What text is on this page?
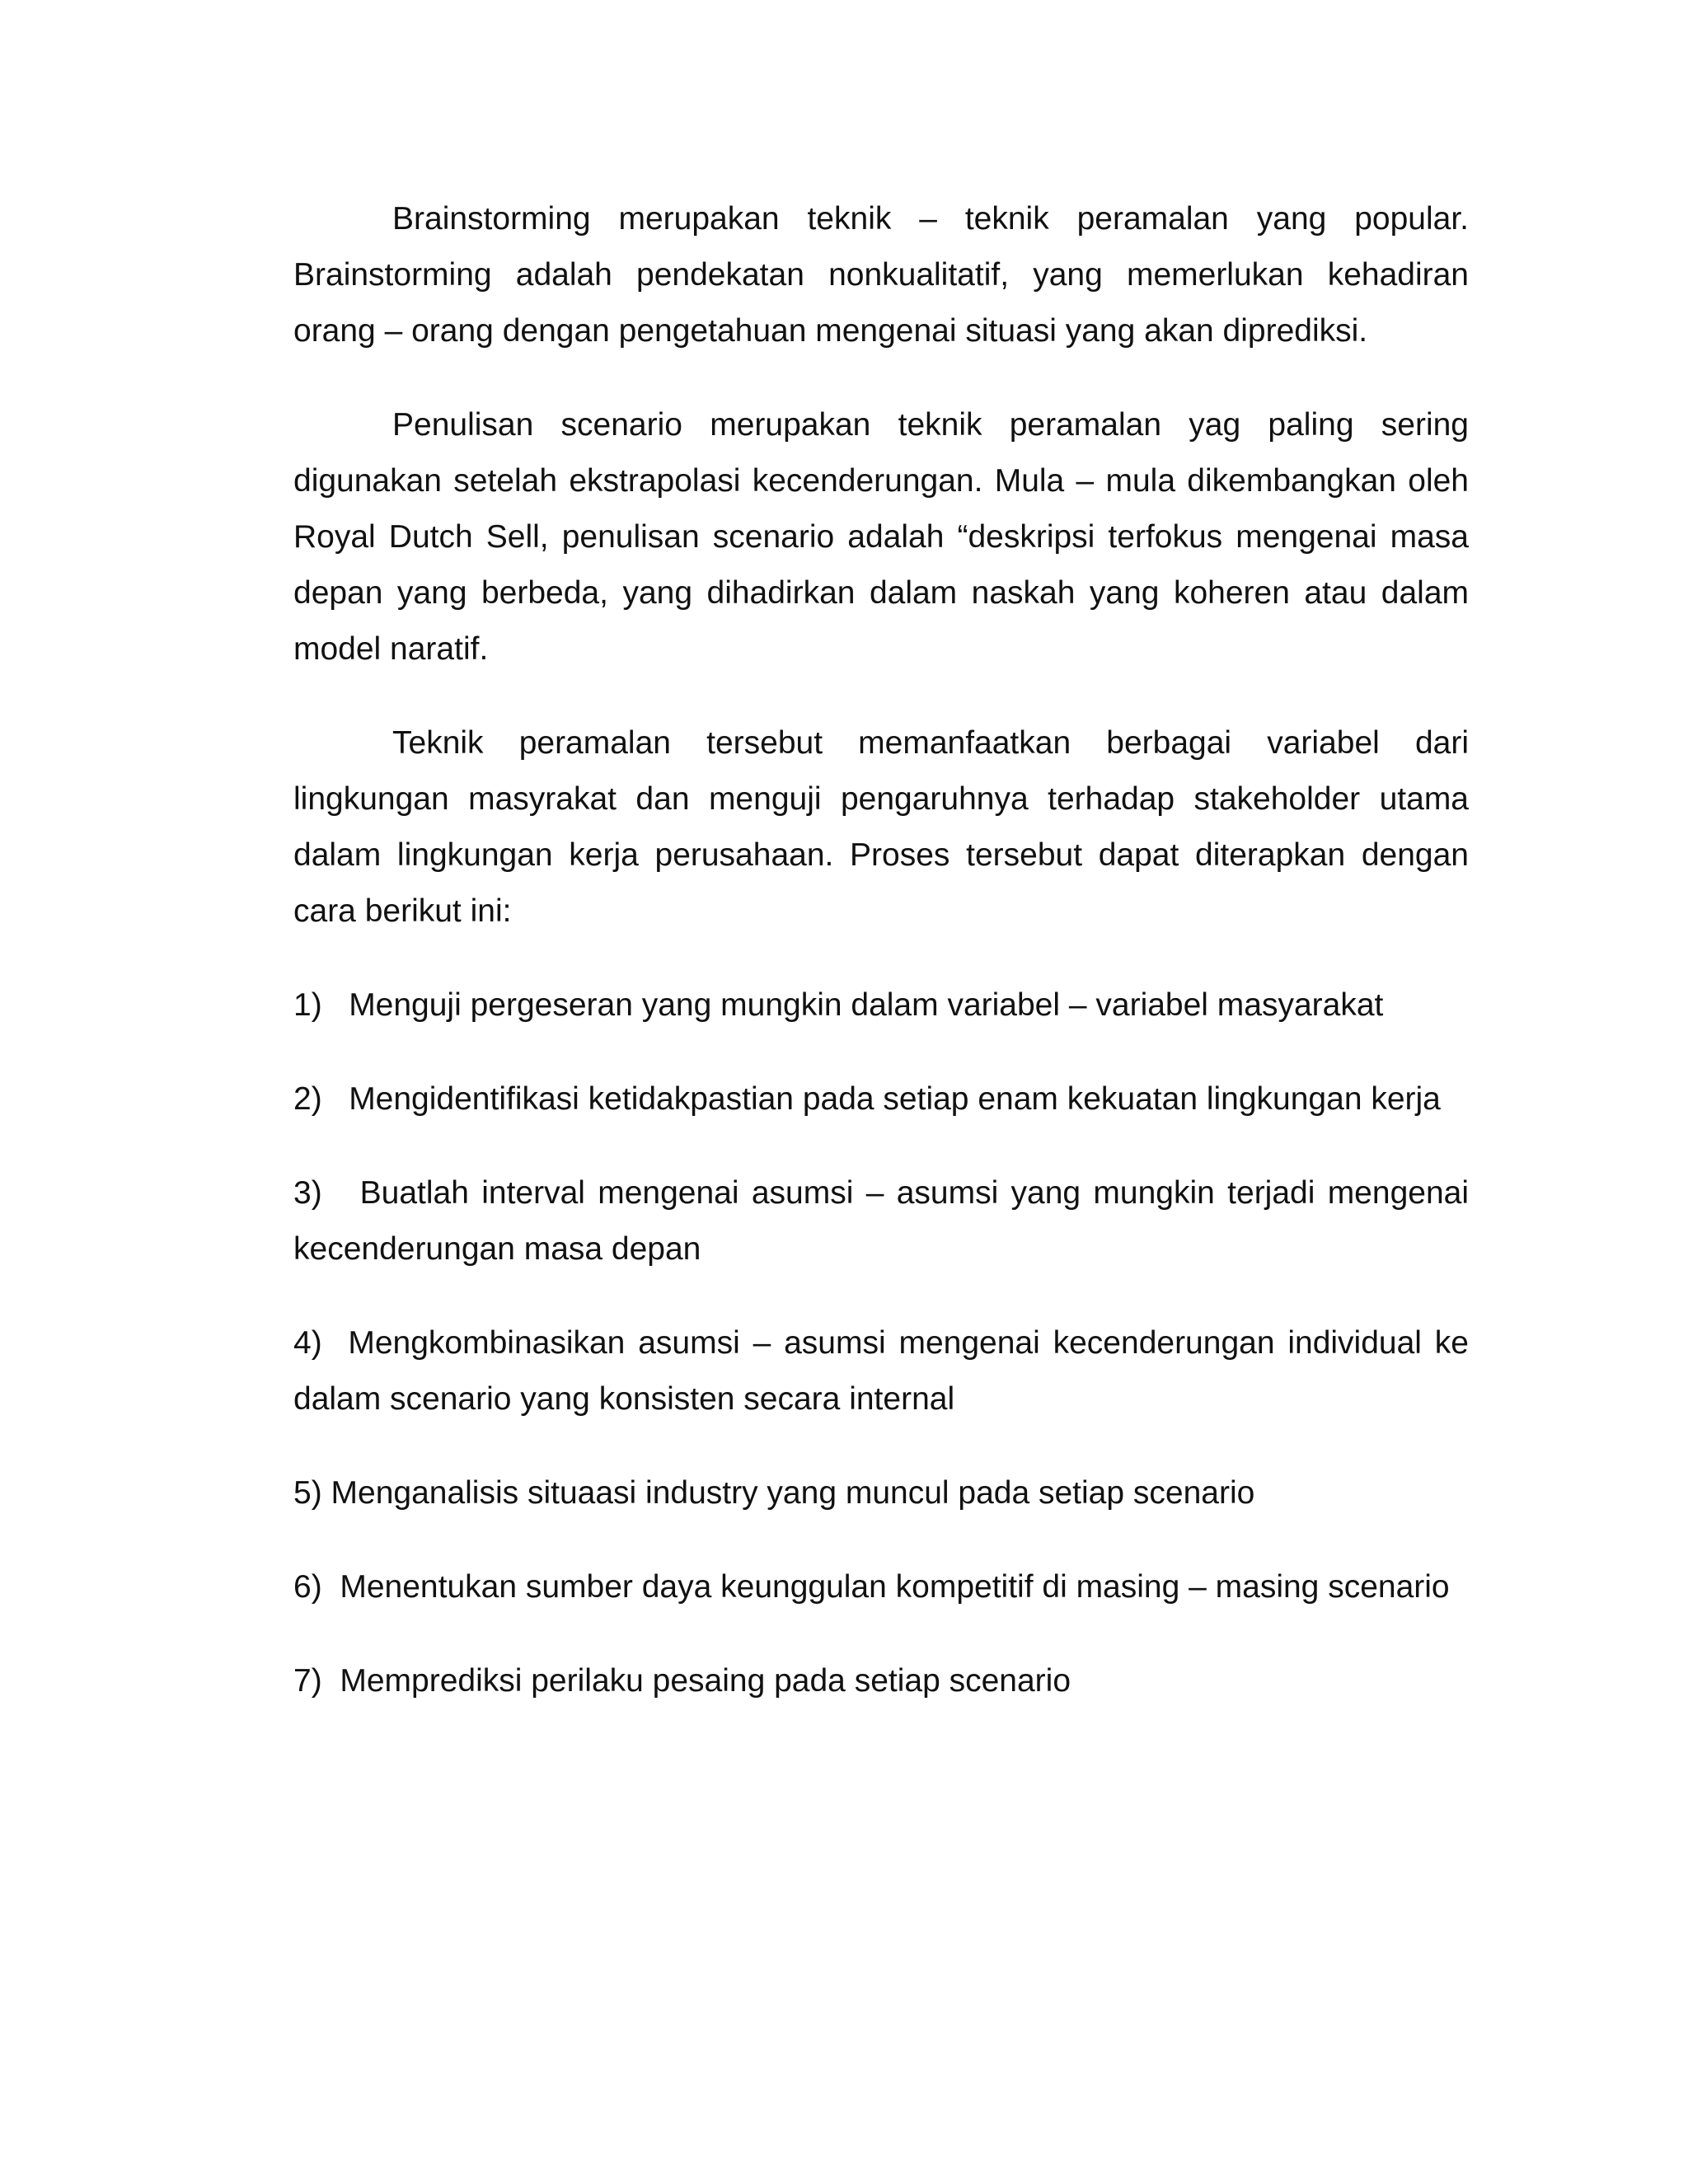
Brainstorming merupakan teknik – teknik peramalan yang popular. Brainstorming adalah pendekatan nonkualitatif, yang memerlukan kehadiran orang – orang dengan pengetahuan mengenai situasi yang akan diprediksi.

Penulisan scenario merupakan teknik peramalan yag paling sering digunakan setelah ekstrapolasi kecenderungan. Mula – mula dikembangkan oleh Royal Dutch Sell, penulisan scenario adalah “deskripsi terfokus mengenai masa depan yang berbeda, yang dihadirkan dalam naskah yang koheren atau dalam model naratif.

Teknik peramalan tersebut memanfaatkan berbagai variabel dari lingkungan masyrakat dan menguji pengaruhnya terhadap stakeholder utama dalam lingkungan kerja perusahaan. Proses tersebut dapat diterapkan dengan cara berikut ini:

1)   Menguji pergeseran yang mungkin dalam variabel – variabel masyarakat

2)   Mengidentifikasi ketidakpastian pada setiap enam kekuatan lingkungan kerja

3)   Buatlah interval mengenai asumsi – asumsi yang mungkin terjadi mengenai kecenderungan masa depan

4)  Mengkombinasikan asumsi – asumsi mengenai kecenderungan individual ke dalam scenario yang konsisten secara internal

5) Menganalisis situaasi industry yang muncul pada setiap scenario

6)  Menentukan sumber daya keunggulan kompetitif di masing – masing scenario

7)  Memprediksi perilaku pesaing pada setiap scenario
